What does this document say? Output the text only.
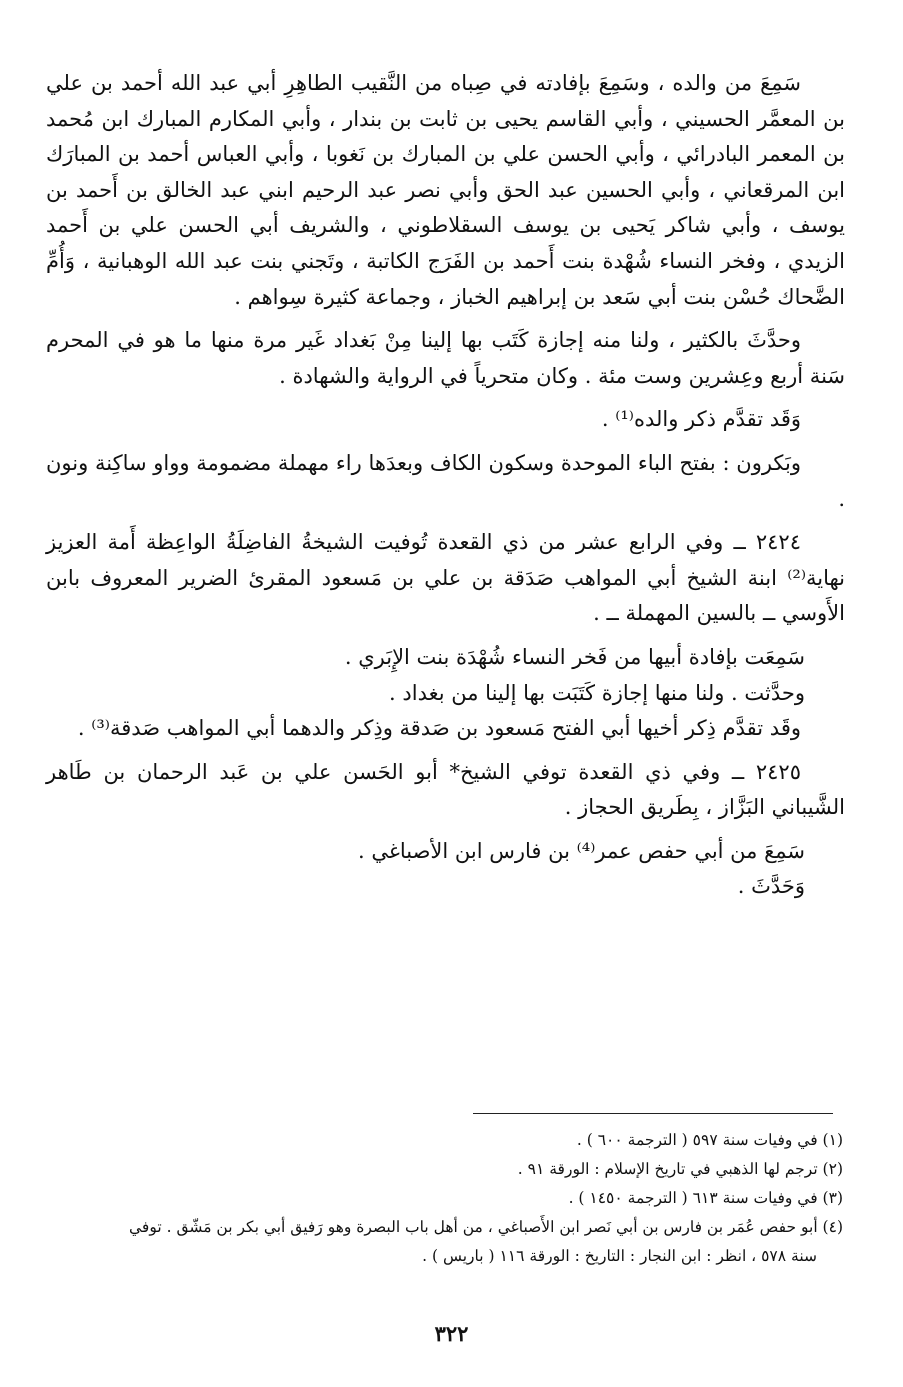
سَمِعَ من والده ، وسَمِعَ بإفادته في صِباه من النَّقيب الطاهِرِ أبي عبد الله أحمد بن علي بن المعمَّر الحسيني ، وأبي القاسم يحيى بن ثابت بن بندار ، وأبي المكارم المبارك ابن مُحمد بن المعمر البادرائي ، وأبي الحسن علي بن المبارك بن نَغوبا ، وأبي العباس أحمد بن المبارَك ابن المرقعاني ، وأبي الحسين عبد الحق وأبي نصر عبد الرحيم ابني عبد الخالق بن أَحمد بن يوسف ، وأبي شاكر يَحيى بن يوسف السقلاطوني ، والشريف أبي الحسن علي بن أَحمد الزيدي ، وفخر النساء شُهْدة بنت أَحمد بن الفَرَج الكاتبة ، وتَجني بنت عبد الله الوهبانية ، وَأُمِّ الضَّحاك حُسْن بنت أبي سَعد بن إبراهيم الخباز ، وجماعة كثيرة سِواهم .

وحدَّثَ بالكثير ، ولنا منه إجازة كَتَب بها إلينا مِنْ بَغداد غَير مرة منها ما هو في المحرم سَنة أربع وعِشرين وست مئة . وكان متحرياً في الرواية والشهادة .

وَقَد تقدَّم ذكر والده⁽¹⁾ .

وبَكرون : بفتح الباء الموحدة وسكون الكاف وبعدَها راء مهملة مضمومة وواو ساكِنة ونون .

٢٤٢٤ ــ وفي الرابع عشر من ذي القعدة تُوفيت الشيخةُ الفاضِلَةُ الواعِظة أَمة العزيز نهاية⁽²⁾ ابنة الشيخ أبي المواهب صَدَقة بن علي بن مَسعود المقرئ الضرير المعروف بابن الأَوسي ــ بالسين المهملة ــ .

سَمِعَت بإفادة أبيها من فَخر النساء شُهْدَة بنت الإِبَري .

وحدَّثت . ولنا منها إجازة كَتَبَت بها إلينا من بغداد .

وقَد تقدَّم ذِكر أخيها أبي الفتح مَسعود بن صَدقة وذِكر والدهما أبي المواهب صَدقة⁽³⁾ .

٢٤٢٥ ــ وفي ذي القعدة توفي الشيخ* أبو الحَسن علي بن عَبد الرحمان بن طَاهر الشَّيباني البَزَّاز ، بِطَريق الحجاز .

سَمِعَ من أبي حفص عمر⁽⁴⁾ بن فارس ابن الأصباغي .

وَحَدَّثَ .

(١) في وفيات سنة ٥٩٧ ( الترجمة ٦٠٠ ) .

(٢) ترجم لها الذهبي في تاريخ الإسلام : الورقة ٩١ .

(٣) في وفيات سنة ٦١٣ ( الترجمة ١٤٥٠ ) .

(٤) أبو حفص عُمَر بن فارس بن أبي نَصر ابن الأَصباغي ، من أهل باب البصرة وهو رَفيق أبي بكر بن مَشّق . توفي

سنة ٥٧٨ ، انظر : ابن النجار : التاريخ : الورقة ١١٦ ( باريس ) .

٣٢٢
